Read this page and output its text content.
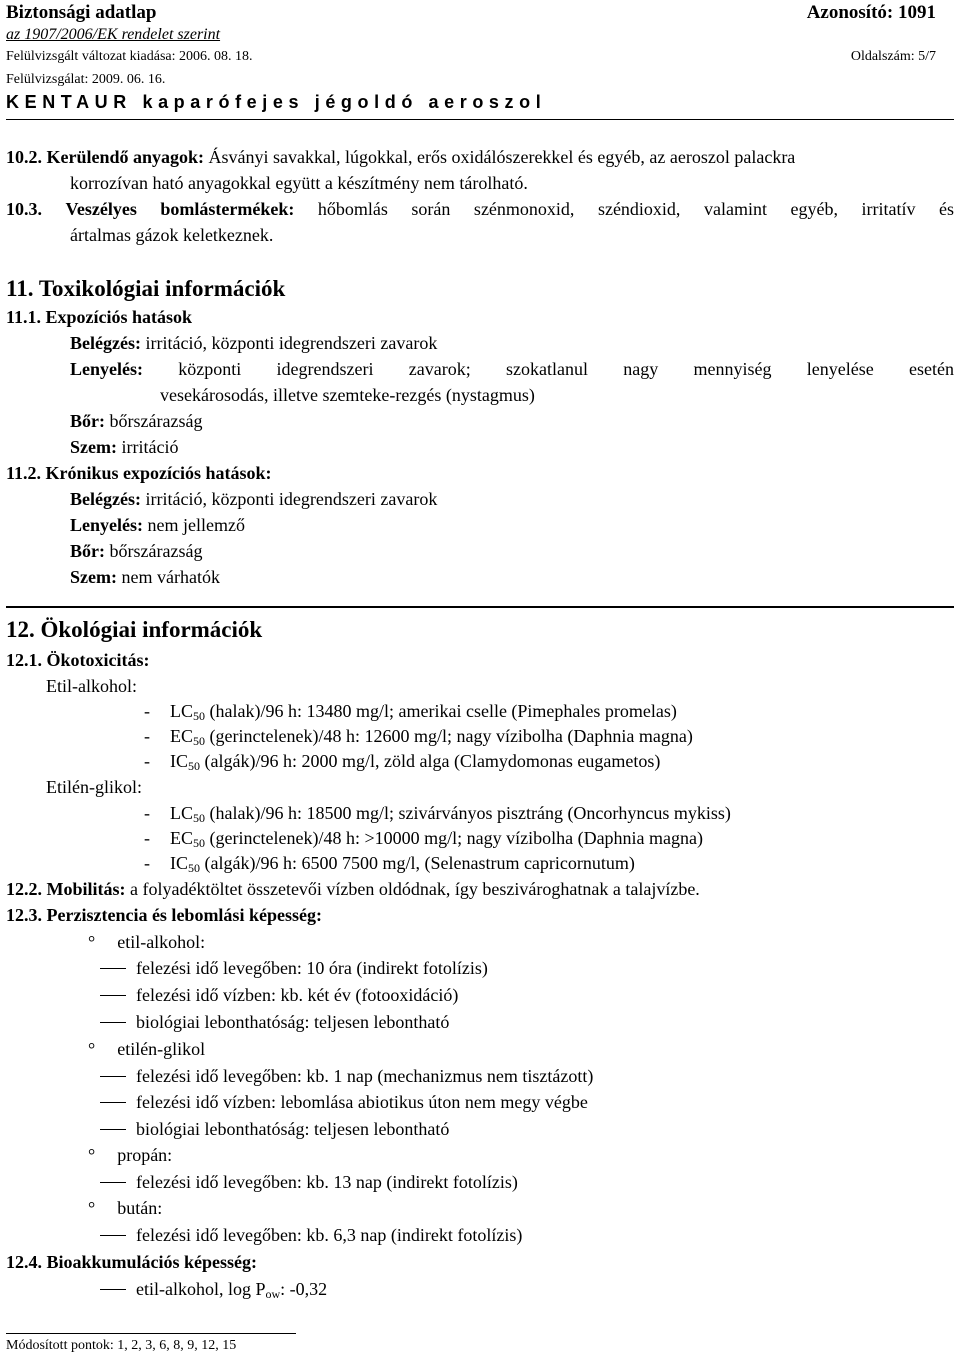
Biztonsági adatlap	Azonosító: 1091
az 1907/2006/EK rendelet szerint
Felülvizsgált változat kiadása: 2006. 08. 18.	Oldalszám: 5/7
Felülvizsgálat: 2009. 06. 16.
KENTAUR kaparófejes jégoldó aeroszol
10.2. Kerülendő anyagok: Ásványi savakkal, lúgokkal, erős oxidálószerekkel és egyéb, az aeroszol palackra
korrozívan ható anyagokkal együtt a készítmény nem tárolható.
10.3. Veszélyes bomlástermékek: hőbomlás során szénmonoxid, széndioxid, valamint egyéb, irritatív és
ártalmas gázok keletkeznek.
11. Toxikológiai információk
11.1. Expozíciós hatások
Belégzés: irritáció, központi idegrendszeri zavarok
Lenyelés: központi idegrendszeri zavarok; szokatlanul nagy mennyiség lenyelése esetén
vesekárosodás, illetve szemteke-rezgés (nystagmus)
Bőr: bőrszárazság
Szem: irritáció
11.2. Krónikus expozíciós hatások:
Belégzés: irritáció, központi idegrendszeri zavarok
Lenyelés: nem jellemző
Bőr: bőrszárazság
Szem: nem várhatók
12. Ökológiai információk
12.1. Ökotoxicitás:
Etil-alkohol:
- $LC_{50}$ (halak)/96 h: 13480 mg/l; amerikai cselle (Pimephales promelas)
- $EC_{50}$ (gerinctelenek)/48 h: 12600 mg/l; nagy vízibolha (Daphnia magna)
- $IC_{50}$ (algák)/96 h: 2000 mg/l, zöld alga (Clamydomonas eugametos)
Etilén-glikol:
- $LC_{50}$ (halak)/96 h: 18500 mg/l; szivárványos pisztráng (Oncorhyncus mykiss)
- $EC_{50}$ (gerinctelenek)/48 h: >10000 mg/l; nagy vízibolha (Daphnia magna)
- $IC_{50}$ (algák)/96 h: 6500 7500 mg/l, (Selenastrum capricornutum)
12.2. Mobilitás: a folyadéktöltet összetevői vízben oldódnak, így beszivároghatnak a talajvízbe.
12.3. Perzisztencia és lebomlási képesség:
° etil-alkohol:
felezési idő levegőben: 10 óra (indirekt fotolízis)
felezési idő vízben: kb. két év (fotooxidáció)
biológiai lebonthatóság: teljesen lebontható
° etilén-glikol
felezési idő levegőben: kb. 1 nap (mechanizmus nem tisztázott)
felezési idő vízben: lebomlása abiotikus úton nem megy végbe
biológiai lebonthatóság: teljesen lebontható
° propán:
felezési idő levegőben: kb. 13 nap (indirekt fotolízis)
° bután:
felezési idő levegőben: kb. 6,3 nap (indirekt fotolízis)
12.4. Bioakkumulációs képesség:
etil-alkohol, $\log P_{ow}$: -0,32
Módosított pontok: 1, 2, 3, 6, 8, 9, 12, 15
